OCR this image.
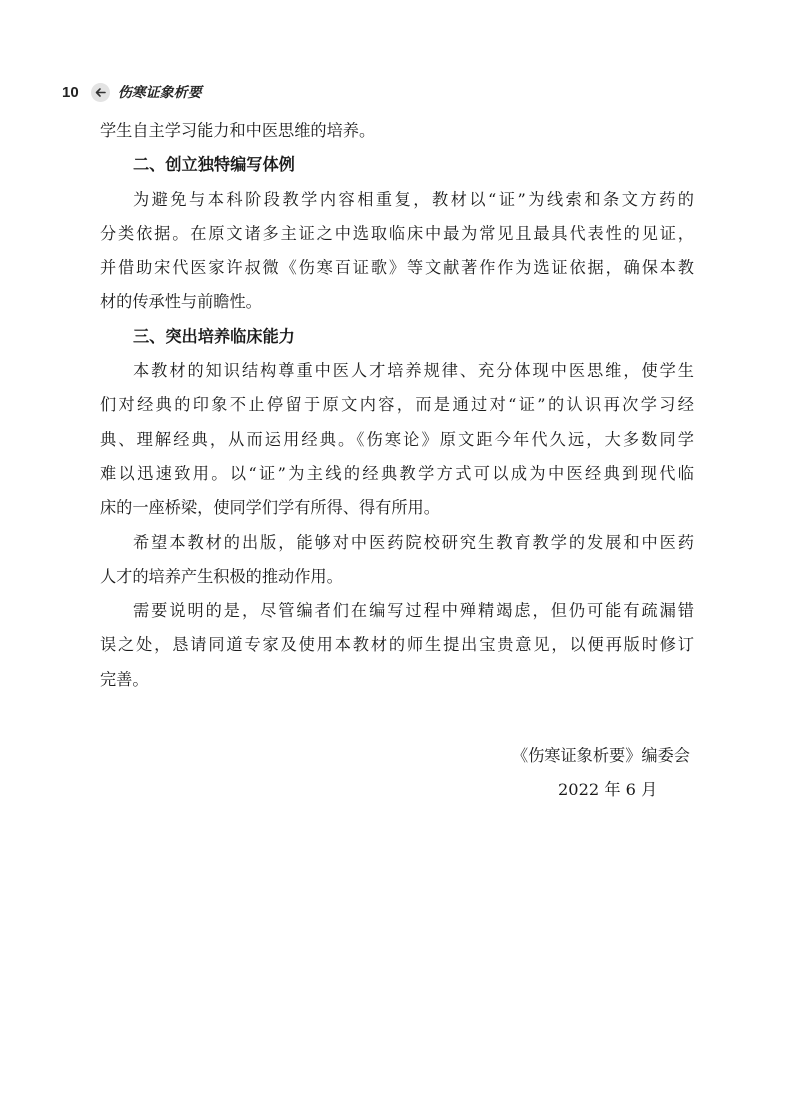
10	伤寒证象析要
学生自主学习能力和中医思维的培养。
二、创立独特编写体例
为避免与本科阶段教学内容相重复，教材以“证”为线索和条文方药的
分类依据。在原文诸多主证之中选取临床中最为常见且最具代表性的见证，
并借助宋代医家许叔微《伤寒百证歌》等文献著作作为选证依据，确保本教
材的传承性与前瞻性。
三、突出培养临床能力
本教材的知识结构尊重中医人才培养规律、充分体现中医思维，使学生
们对经典的印象不止停留于原文内容，而是通过对“证”的认识再次学习经
典、理解经典，从而运用经典。《伤寒论》原文距今年代久远，大多数同学
难以迅速致用。以“证”为主线的经典教学方式可以成为中医经典到现代临
床的一座桥梁，使同学们学有所得、得有所用。
希望本教材的出版，能够对中医药院校研究生教育教学的发展和中医药
人才的培养产生积极的推动作用。
需要说明的是，尽管编者们在编写过程中殚精竭虑，但仍可能有疏漏错
误之处，恳请同道专家及使用本教材的师生提出宝贵意见，以便再版时修订
完善。
《伤寒证象析要》编委会
2022 年 6 月
